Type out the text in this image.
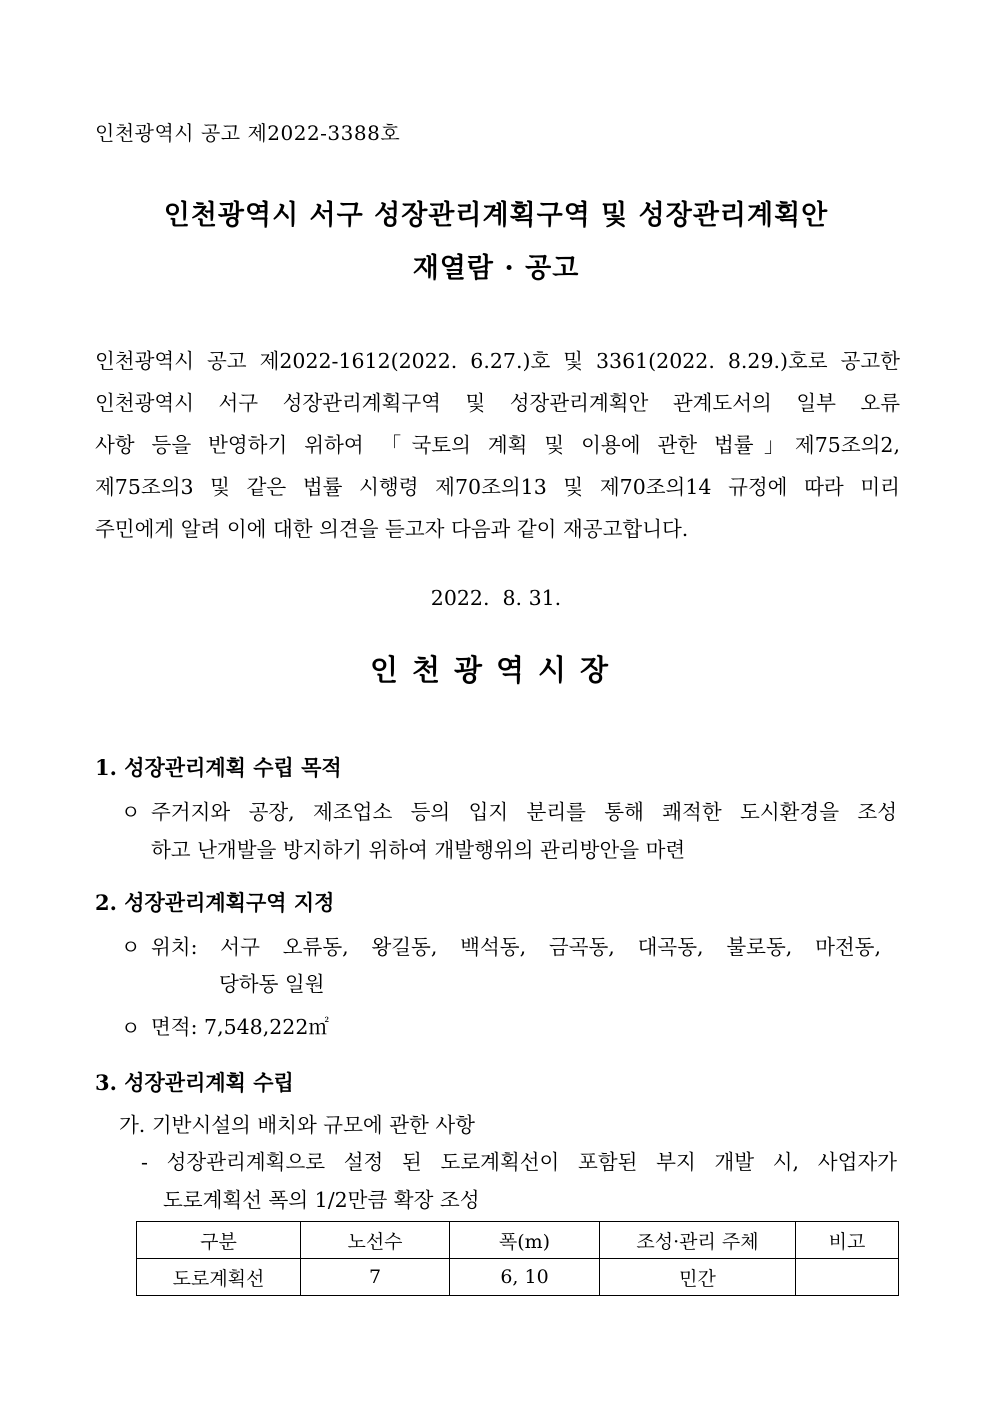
인천광역시 공고 제2022-3388호
인천광역시 서구 성장관리계획구역 및 성장관리계획안
재열람 · 공고
인천광역시 공고 제2022-1612(2022. 6.27.)호 및 3361(2022. 8.29.)호로 공고한
인천광역시 서구 성장관리계획구역 및 성장관리계획안 관계도서의 일부 오류
사항 등을 반영하기 위하여 「국토의 계획 및 이용에 관한 법률」제75조의2,
제75조의3 및 같은 법률 시행령 제70조의13 및 제70조의14 규정에 따라 미리
주민에게 알려 이에 대한 의견을 듣고자 다음과 같이 재공고합니다.
2022.  8. 31.
인천광역시장
1. 성장관리계획 수립 목적
ㅇ 주거지와 공장, 제조업소 등의 입지 분리를 통해 쾌적한 도시환경을 조성
하고 난개발을 방지하기 위하여 개발행위의 관리방안을 마련
2. 성장관리계획구역 지정
ㅇ 위치: 서구 오류동, 왕길동, 백석동, 금곡동, 대곡동, 불로동, 마전동,
당하동 일원
ㅇ 면적: 7,548,222㎡
3. 성장관리계획 수립
가. 기반시설의 배치와 규모에 관한 사항
- 성장관리계획으로 설정 된 도로계획선이 포함된 부지 개발 시, 사업자가
도로계획선 폭의 1/2만큼 확장 조성
구분	노선수	폭(m)	조성·관리 주체	비고
도로계획선	7	6, 10	민간	
